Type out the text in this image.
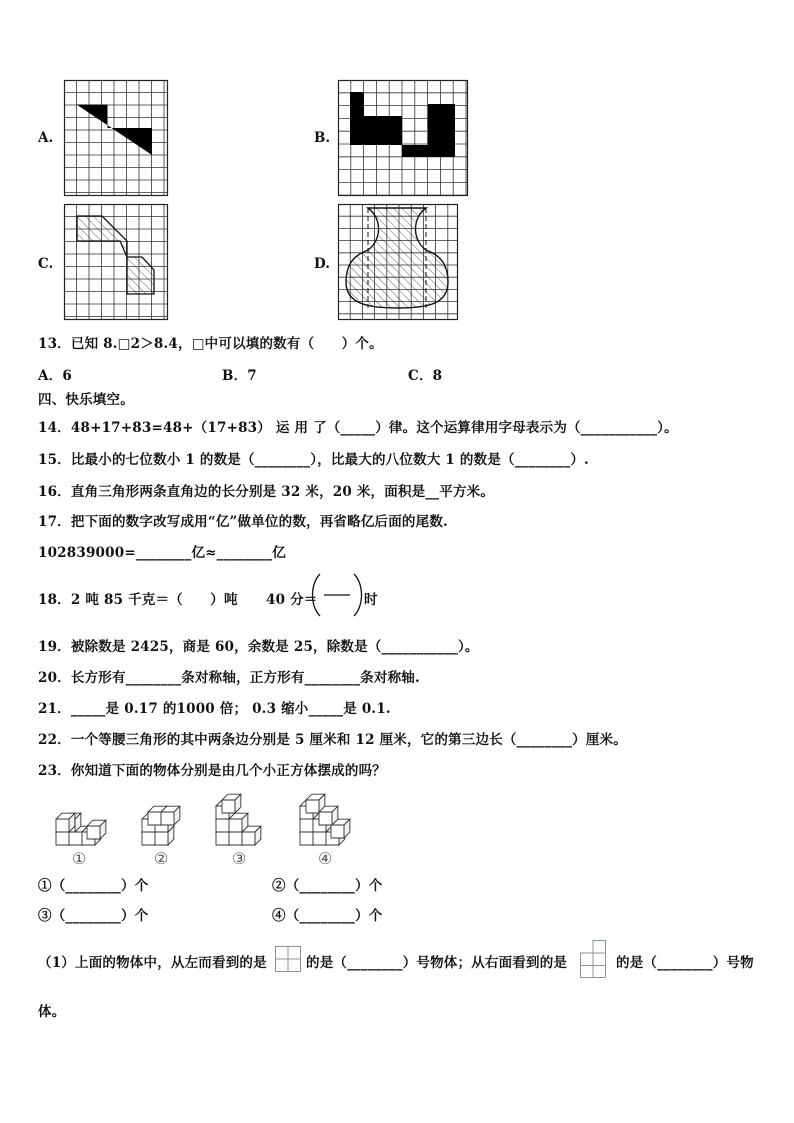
A.	B.
C.	D.
13．已知 8.□2＞8.4，□中可以填的数有（　　）个。
A．6	B．7	C．8
四、快乐填空。
14．48+17+83=48+（17+83） 运 用 了（_____）律。这个运算律用字母表示为（___________）。
15．比最小的七位数小 1 的数是（________），比最大的八位数大 1 的数是（________）.
16．直角三角形两条直角边的长分别是 32 米，20 米，面积是__平方米。
17．把下面的数字改写成用“亿”做单位的数，再省略亿后面的尾数.
102839000=________亿≈________亿
18．2 吨 85 千克＝（　　）吨 40 分＝	时
19．被除数是 2425，商是 60，余数是 25，除数是（___________）。
20．长方形有________条对称轴，正方形有________条对称轴.
21．_____是 0.17 的1000 倍； 0.3 缩小_____是 0.1.
22．一个等腰三角形的其中两条边分别是 5 厘米和 12 厘米，它的第三边长（________）厘米。
23．你知道下面的物体分别是由几个小正方体摆成的吗？
①	②	③	④
①（________）个	②（________）个
③（________）个	④（________）个
（1）上面的物体中，从左而看到的是	的是（________）号物体；从右面看到的是	的是（________）号物
体。
